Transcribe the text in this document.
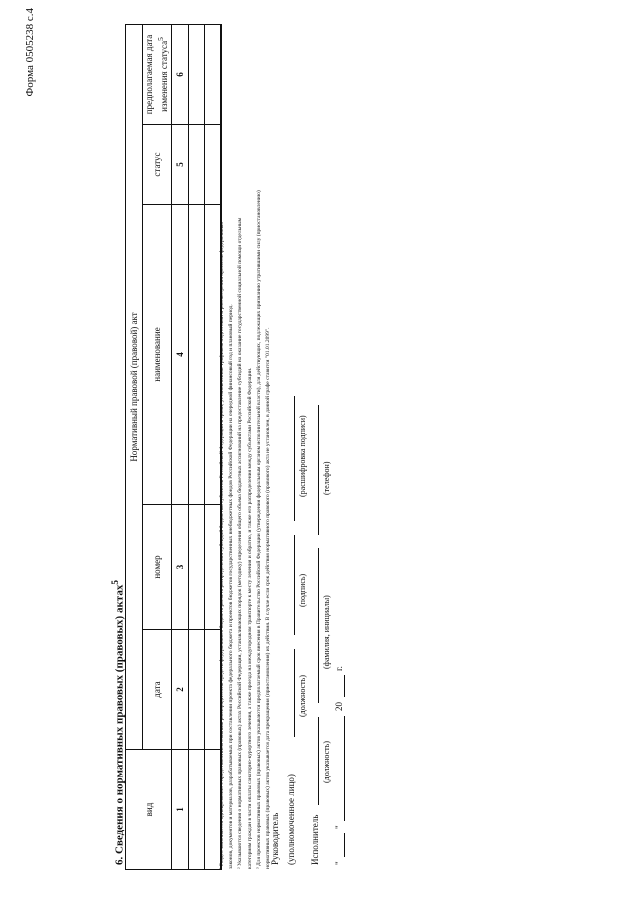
Форма 0505238 с.4
6. Сведения о нормативных правовых (правовых) актах$^5$
вид	Нормативный правовой (правовой) акт				
	дата	номер	наименование	статус	предполагаемая дата изменения статуса$^5$
1	2	3	4	5	6

¹ Раздел заполняется одновременно с представлением главным распорядителем средств федерального бюджета расчета распределения субсидий бюджетам субъектов Российской Федерации в сроки, установленные графиком подготовки и рассмотрения проектов федеральных законов, документов и материалов, разрабатываемых при составлении проекта федерального бюджета и проектов бюджетов государственных внебюджетных фондов Российской Федерации на очередной финансовый год и плановый период. ² Указываются сведения о нормативных правовых (правовых) актах Российской Федерации, устанавливающих порядок (методику) определения общего объема бюджетных ассигнований на предоставление субсидий на оказание государственной социальной помощи отдельным категориям граждан в части оплаты санаторно-курортного лечения, а также проезда на междугородном транспорте к месту лечения и обратно, и также его распределения между субъектами Российской Федерации. ³ Для проектов нормативных правовых (правовых) актов указываются предполагаемый срок внесения в Правительство Российской Федерации (утверждения федеральным органом исполнительной власти), для действующих, подлежащих признанию утратившими силу (приостановлению) нормативных правовых (правовых) актов указывается дата прекращения (приостановления) их действия. В случае если срок действия нормативного правового (правового) акта не установлен, в данной графе ставится "01.01.2099".
Руководитель (уполномоченное лицо)
(должность)
(подпись)
(расшифровка подписи)
Исполнитель
(должность)
(фамилия, инициалы)
(телефон)
"
"
20
г.
